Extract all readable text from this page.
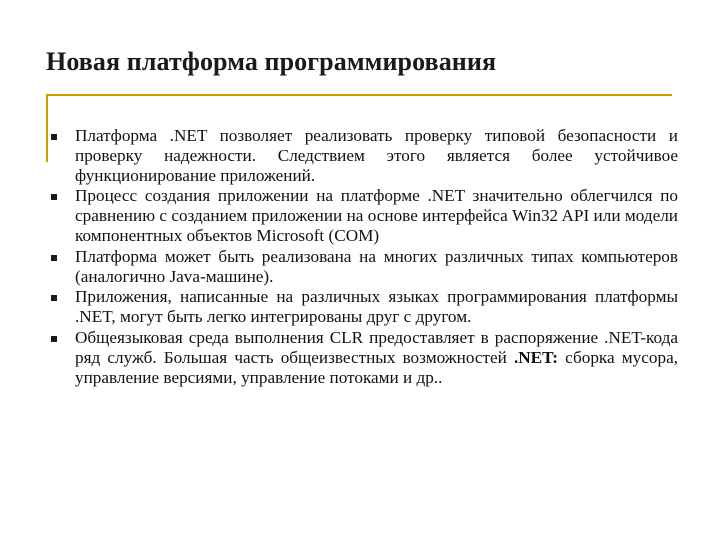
Новая платформа программирования
Платформа .NET позволяет реализовать проверку типовой безопасности и проверку надежности. Следствием этого является более устойчивое функционирование приложений.
Процесс создания приложении на платформе .NET значительно облегчился по сравнению с созданием приложении на основе интерфейса Win32 API или модели компонентных объектов Microsoft (COM)
Платформа может быть реализована на многих различных типах компьютеров (аналогично Java-машине).
Приложения, написанные на различных языках программирования платформы .NET, могут быть легко интегрированы друг с другом.
Общеязыковая среда выполнения CLR предоставляет в распоряжение .NET-кода ряд служб. Большая часть общеизвестных возможностей .NET: сборка мусора, управление версиями, управление потоками и др..
